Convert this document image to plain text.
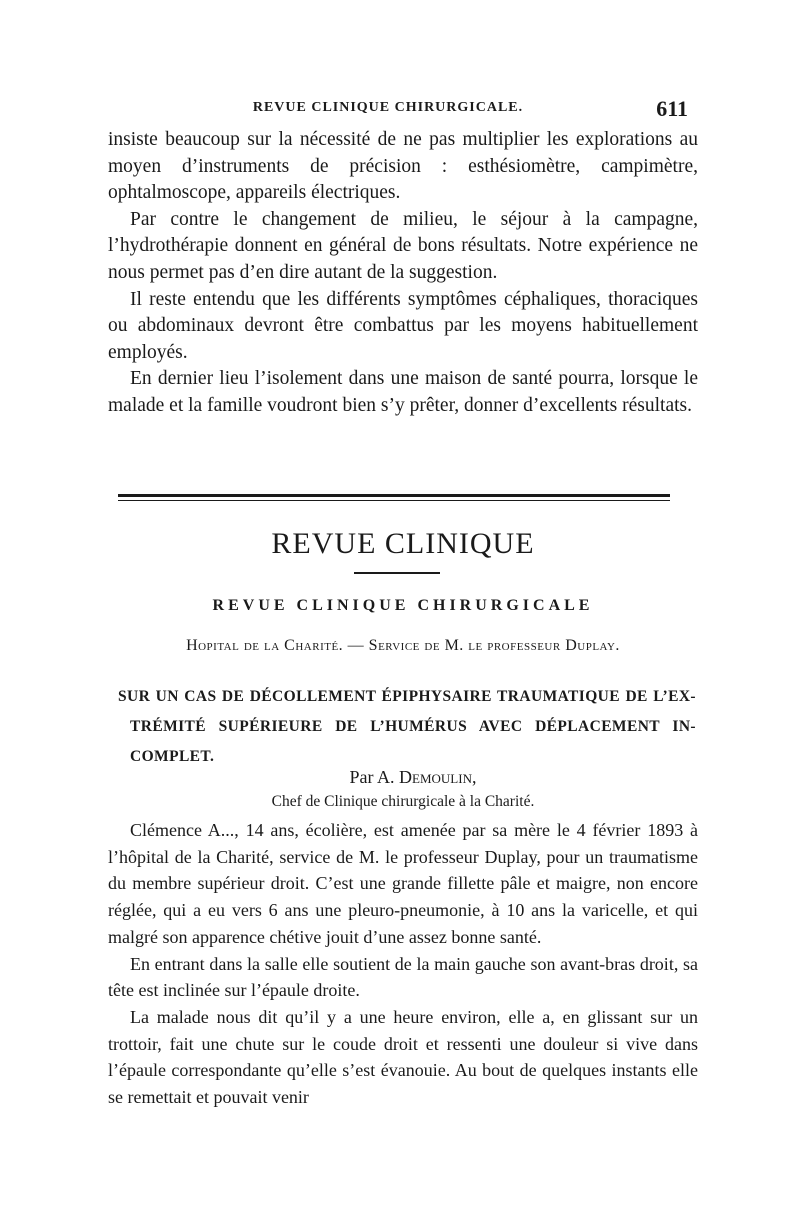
REVUE CLINIQUE CHIRURGICALE.	611

insiste beaucoup sur la nécessité de ne pas multiplier les explorations au moyen d’instruments de précision : esthésiomètre, campimètre, ophtalmoscope, appareils électriques.

Par contre le changement de milieu, le séjour à la campagne, l’hydrothérapie donnent en général de bons résultats. Notre expérience ne nous permet pas d’en dire autant de la suggestion.

Il reste entendu que les différents symptômes céphaliques, thoraciques ou abdominaux devront être combattus par les moyens habituellement employés.

En dernier lieu l’isolement dans une maison de santé pourra, lorsque le malade et la famille voudront bien s’y prêter, donner d’excellents résultats.

REVUE CLINIQUE
REVUE CLINIQUE CHIRURGICALE
Hopital de la Charité. — Service de M. le professeur Duplay.
SUR UN CAS DE DÉCOLLEMENT ÉPIPHYSAIRE TRAUMATIQUE DE L’EX-
TRÉMITÉ SUPÉRIEURE DE L’HUMÉRUS AVEC DÉPLACEMENT IN-
COMPLET.
Par A. Demoulin,
Chef de Clinique chirurgicale à la Charité.

Clémence A..., 14 ans, écolière, est amenée par sa mère le 4 février 1893 à l’hôpital de la Charité, service de M. le professeur Duplay, pour un traumatisme du membre supérieur droit. C’est une grande fillette pâle et maigre, non encore réglée, qui a eu vers 6 ans une pleuro-pneumonie, à 10 ans la varicelle, et qui malgré son apparence chétive jouit d’une assez bonne santé.

En entrant dans la salle elle soutient de la main gauche son avant-bras droit, sa tête est inclinée sur l’épaule droite.

La malade nous dit qu’il y a une heure environ, elle a, en glissant sur un trottoir, fait une chute sur le coude droit et ressenti une douleur si vive dans l’épaule correspondante qu’elle s’est évanouie. Au bout de quelques instants elle se remettait et pouvait venir
